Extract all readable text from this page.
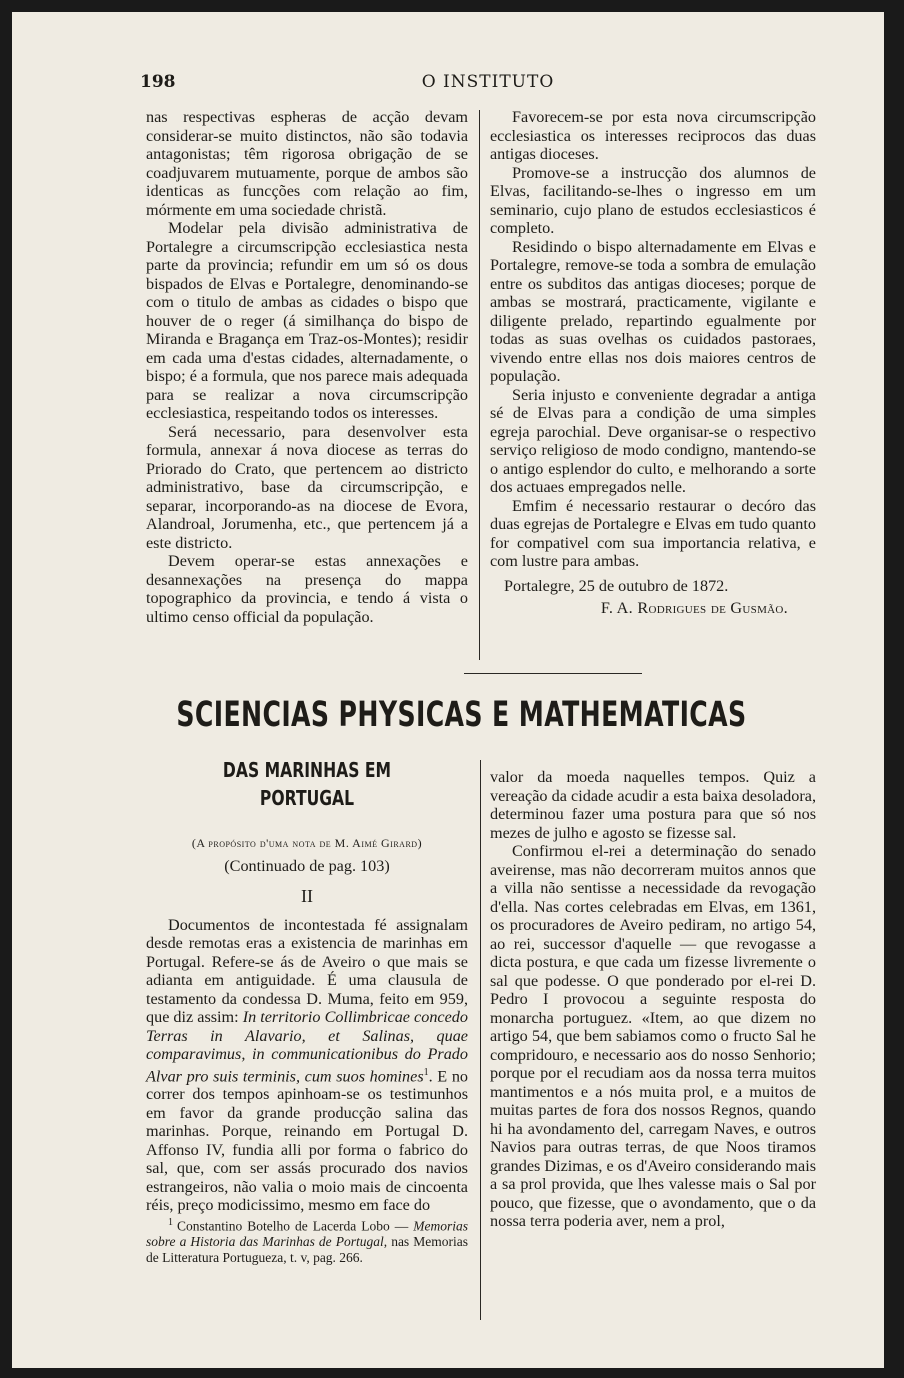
198	O INSTITUTO

nas respectivas espheras de acção devam considerar-se muito distinctos, não são todavia antagonistas; têm rigorosa obrigação de se coadjuvarem mutuamente, porque de ambos são identicas as funcções com relação ao fim, mórmente em uma sociedade christã.

Modelar pela divisão administrativa de Portalegre a circumscripção ecclesiastica nesta parte da provincia; refundir em um só os dous bispados de Elvas e Portalegre, denominando-se com o titulo de ambas as cidades o bispo que houver de o reger (á similhança do bispo de Miranda e Bragança em Traz-os-Montes); residir em cada uma d'estas cidades, alternadamente, o bispo; é a formula, que nos parece mais adequada para se realizar a nova circumscripção ecclesiastica, respeitando todos os interesses.

Será necessario, para desenvolver esta formula, annexar á nova diocese as terras do Priorado do Crato, que pertencem ao districto administrativo, base da circumscripção, e separar, incorporando-as na diocese de Evora, Alandroal, Jorumenha, etc., que pertencem já a este districto.

Devem operar-se estas annexações e desannexações na presença do mappa topographico da provincia, e tendo á vista o ultimo censo official da população.

Favorecem-se por esta nova circumscripção ecclesiastica os interesses reciprocos das duas antigas dioceses.

Promove-se a instrucção dos alumnos de Elvas, facilitando-se-lhes o ingresso em um seminario, cujo plano de estudos ecclesiasticos é completo.

Residindo o bispo alternadamente em Elvas e Portalegre, remove-se toda a sombra de emulação entre os subditos das antigas dioceses; porque de ambas se mostrará, practicamente, vigilante e diligente prelado, repartindo egualmente por todas as suas ovelhas os cuidados pastoraes, vivendo entre ellas nos dois maiores centros de população.

Seria injusto e conveniente degradar a antiga sé de Elvas para a condição de uma simples egreja parochial. Deve organisar-se o respectivo serviço religioso de modo condigno, mantendo-se o antigo esplendor do culto, e melhorando a sorte dos actuaes empregados nelle.

Emfim é necessario restaurar o decóro das duas egrejas de Portalegre e Elvas em tudo quanto for compativel com sua importancia relativa, e com lustre para ambas.

Portalegre, 25 de outubro de 1872.

F. A. Rodrigues de Gusmão.

SCIENCIAS PHYSICAS E MATHEMATICAS
DAS MARINHAS EM PORTUGAL
(A propósito d'uma nota de M. Aimé Girard)
(Continuado de pag. 103)
II

Documentos de incontestada fé assignalam desde remotas eras a existencia de marinhas em Portugal. Refere-se ás de Aveiro o que mais se adianta em antiguidade. É uma clausula de testamento da condessa D. Muma, feito em 959, que diz assim: In territorio Collimbricae concedo Terras in Alavario, et Salinas, quae comparavimus, in communicationibus do Prado Alvar pro suis terminis, cum suos homines$^1$. E no correr dos tempos apinhoam-se os testimunhos em favor da grande producção salina das marinhas. Porque, reinando em Portugal D. Affonso IV, fundia alli por forma o fabrico do sal, que, com ser assás procurado dos navios estrangeiros, não valia o moio mais de cincoenta réis, preço modicissimo, mesmo em face do

$^1$ Constantino Botelho de Lacerda Lobo — Memorias sobre a Historia das Marinhas de Portugal, nas Memorias de Litteratura Portugueza, t. v, pag. 266.

valor da moeda naquelles tempos. Quiz a vereação da cidade acudir a esta baixa desoladora, determinou fazer uma postura para que só nos mezes de julho e agosto se fizesse sal.

Confirmou el-rei a determinação do senado aveirense, mas não decorreram muitos annos que a villa não sentisse a necessidade da revogação d'ella. Nas cortes celebradas em Elvas, em 1361, os procuradores de Aveiro pediram, no artigo 54, ao rei, successor d'aquelle — que revogasse a dicta postura, e que cada um fizesse livremente o sal que podesse. O que ponderado por el-rei D. Pedro I provocou a seguinte resposta do monarcha portuguez. «Item, ao que dizem no artigo 54, que bem sabiamos como o fructo Sal he compridouro, e necessario aos do nosso Senhorio; porque por el recudiam aos da nossa terra muitos mantimentos e a nós muita prol, e a muitos de muitas partes de fora dos nossos Regnos, quando hi ha avondamento del, carregam Naves, e outros Navios para outras terras, de que Noos tiramos grandes Dizimas, e os d'Aveiro considerando mais a sa prol provida, que lhes valesse mais o Sal por pouco, que fizesse, que o avondamento, que o da nossa terra poderia aver, nem a prol,
